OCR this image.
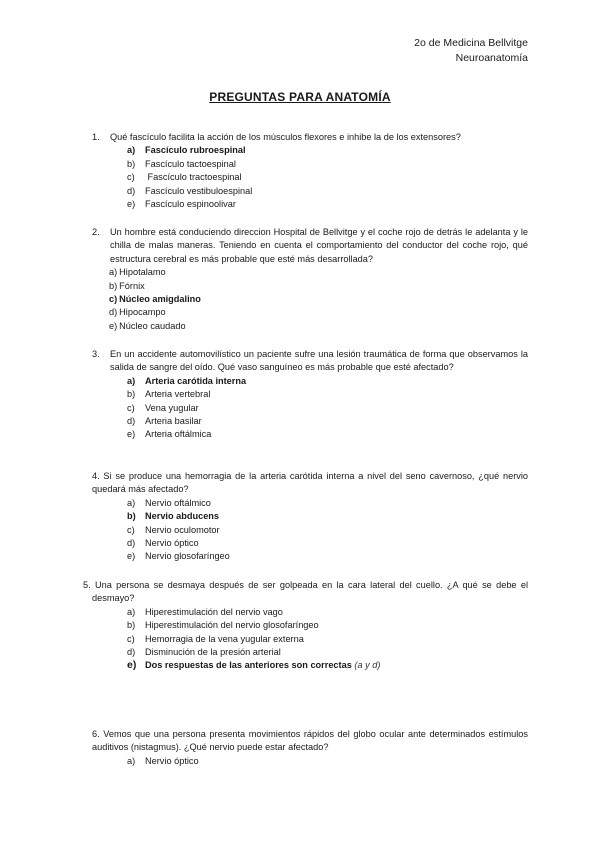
2o de Medicina Bellvitge
Neuroanatomía
PREGUNTAS PARA ANATOMÍA
1. Qué fascículo facilita la acción de los músculos flexores e inhibe la de los extensores?
a) Fascículo rubroespinal
b) Fascículo tactoespinal
c) Fascículo tractoespinal
d) Fascículo vestibuloespinal
e) Fascículo espinoolivar
2. Un hombre está conduciendo direccion Hospital de Bellvitge y el coche rojo de detrás le adelanta y le chilla de malas maneras. Teniendo en cuenta el comportamiento del conductor del coche rojo, qué estructura cerebral es más probable que esté más desarrollada?
a) Hipotalamo
b) Fórnix
c) Núcleo amigdalino
d) Hipocampo
e) Núcleo caudado
3. En un accidente automovilístico un paciente sufre una lesión traumática de forma que observamos la salida de sangre del oído. Qué vaso sanguíneo es más probable que esté afectado?
a) Arteria carótida interna
b) Arteria vertebral
c) Vena yugular
d) Arteria basilar
e) Arteria oftálmica
4. Si se produce una hemorragia de la arteria carótida interna a nivel del seno cavernoso, ¿qué nervio quedará más afectado?
a) Nervio oftálmico
b) Nervio abducens
c) Nervio oculomotor
d) Nervio óptico
e) Nervio glosofaríngeo
5. Una persona se desmaya después de ser golpeada en la cara lateral del cuello. ¿A qué se debe el desmayo?
a) Hiperestimulación del nervio vago
b) Hiperestimulación del nervio glosofaríngeo
c) Hemorragia de la vena yugular externa
d) Disminución de la presión arterial
e) Dos respuestas de las anteriores son correctas (a y d)
6. Vemos que una persona presenta movimientos rápidos del globo ocular ante determinados estímulos auditivos (nistagmus). ¿Qué nervio puede estar afectado?
a) Nervio óptico
